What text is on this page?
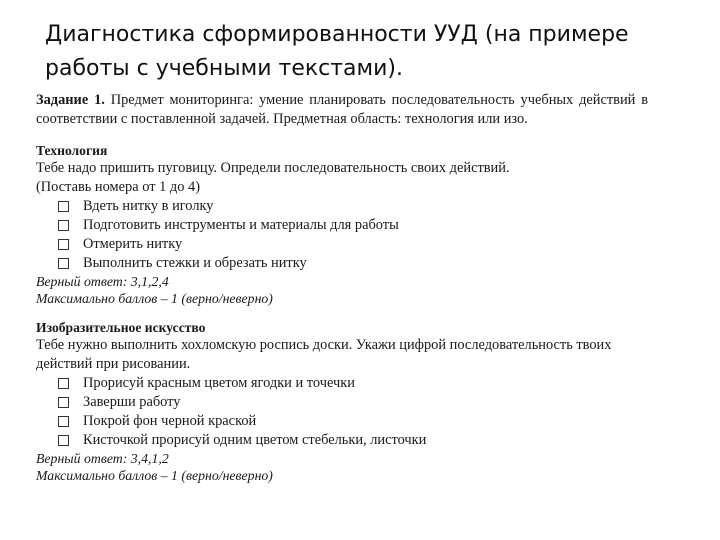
Диагностика сформированности УУД (на примере работы с учебными текстами).
Задание 1. Предмет мониторинга: умение планировать последовательность учебных действий в соответствии с поставленной задачей. Предметная область: технология или изо.
Технология
Тебе надо пришить пуговицу. Определи последовательность своих действий.
(Поставь номера от 1 до 4)
Вдеть нитку в иголку
Подготовить инструменты и материалы для работы
Отмерить нитку
Выполнить стежки и обрезать нитку
Верный ответ: 3,1,2,4
Максимально баллов – 1 (верно/неверно)
Изобразительное искусство
Тебе нужно выполнить хохломскую роспись доски. Укажи цифрой последовательность твоих действий при рисовании.
Прорисуй красным цветом ягодки и точечки
Заверши работу
Покрой фон черной краской
Кисточкой прорисуй одним цветом стебельки, листочки
Верный ответ: 3,4,1,2
Максимально баллов – 1 (верно/неверно)
